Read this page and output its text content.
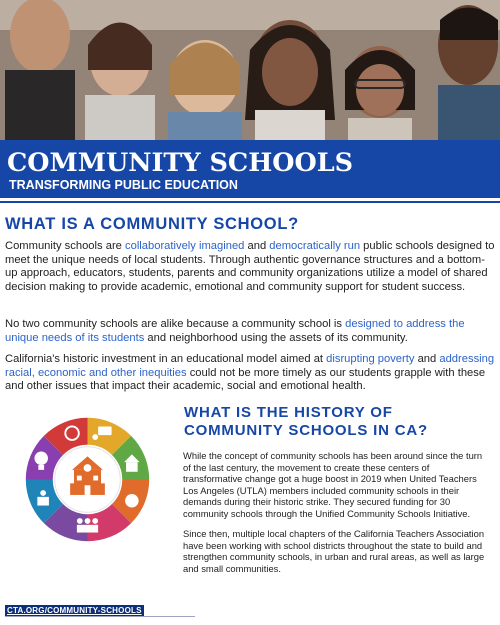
COMMUNITY SCHOOLS
TRANSFORMING PUBLIC EDUCATION
WHAT IS A COMMUNITY SCHOOL?

Community schools are collaboratively imagined and democratically run public schools designed to meet the unique needs of local students. Through authentic governance structures and a bottom-up approach, educators, students, parents and community organizations utilize a model of shared decision making to provide academic, emotional and community support for student success.

No two community schools are alike because a community school is designed to address the unique needs of its students and neighborhood using the assets of its community.

California's historic investment in an educational model aimed at disrupting poverty and addressing racial, economic and other inequities could not be more timely as our students grapple with these and other issues that impact their academic, social and emotional health.

WHAT IS THE HISTORY OF
COMMUNITY SCHOOLS IN CA?
While the concept of community schools has been around since the turn
of the last century, the movement to create these centers of
transformative change got a huge boost in 2019 when United Teachers
Los Angeles (UTLA) members included community schools in their
demands during their historic strike. They secured funding for 30
community schools through the Unified Community Schools Initiative.
Since then, multiple local chapters of the California Teachers Association
have been working with school districts throughout the state to build and
strengthen community schools, in urban and rural areas, as well as large
and small communities.
CTA.ORG/COMMUNITY-SCHOOLS
